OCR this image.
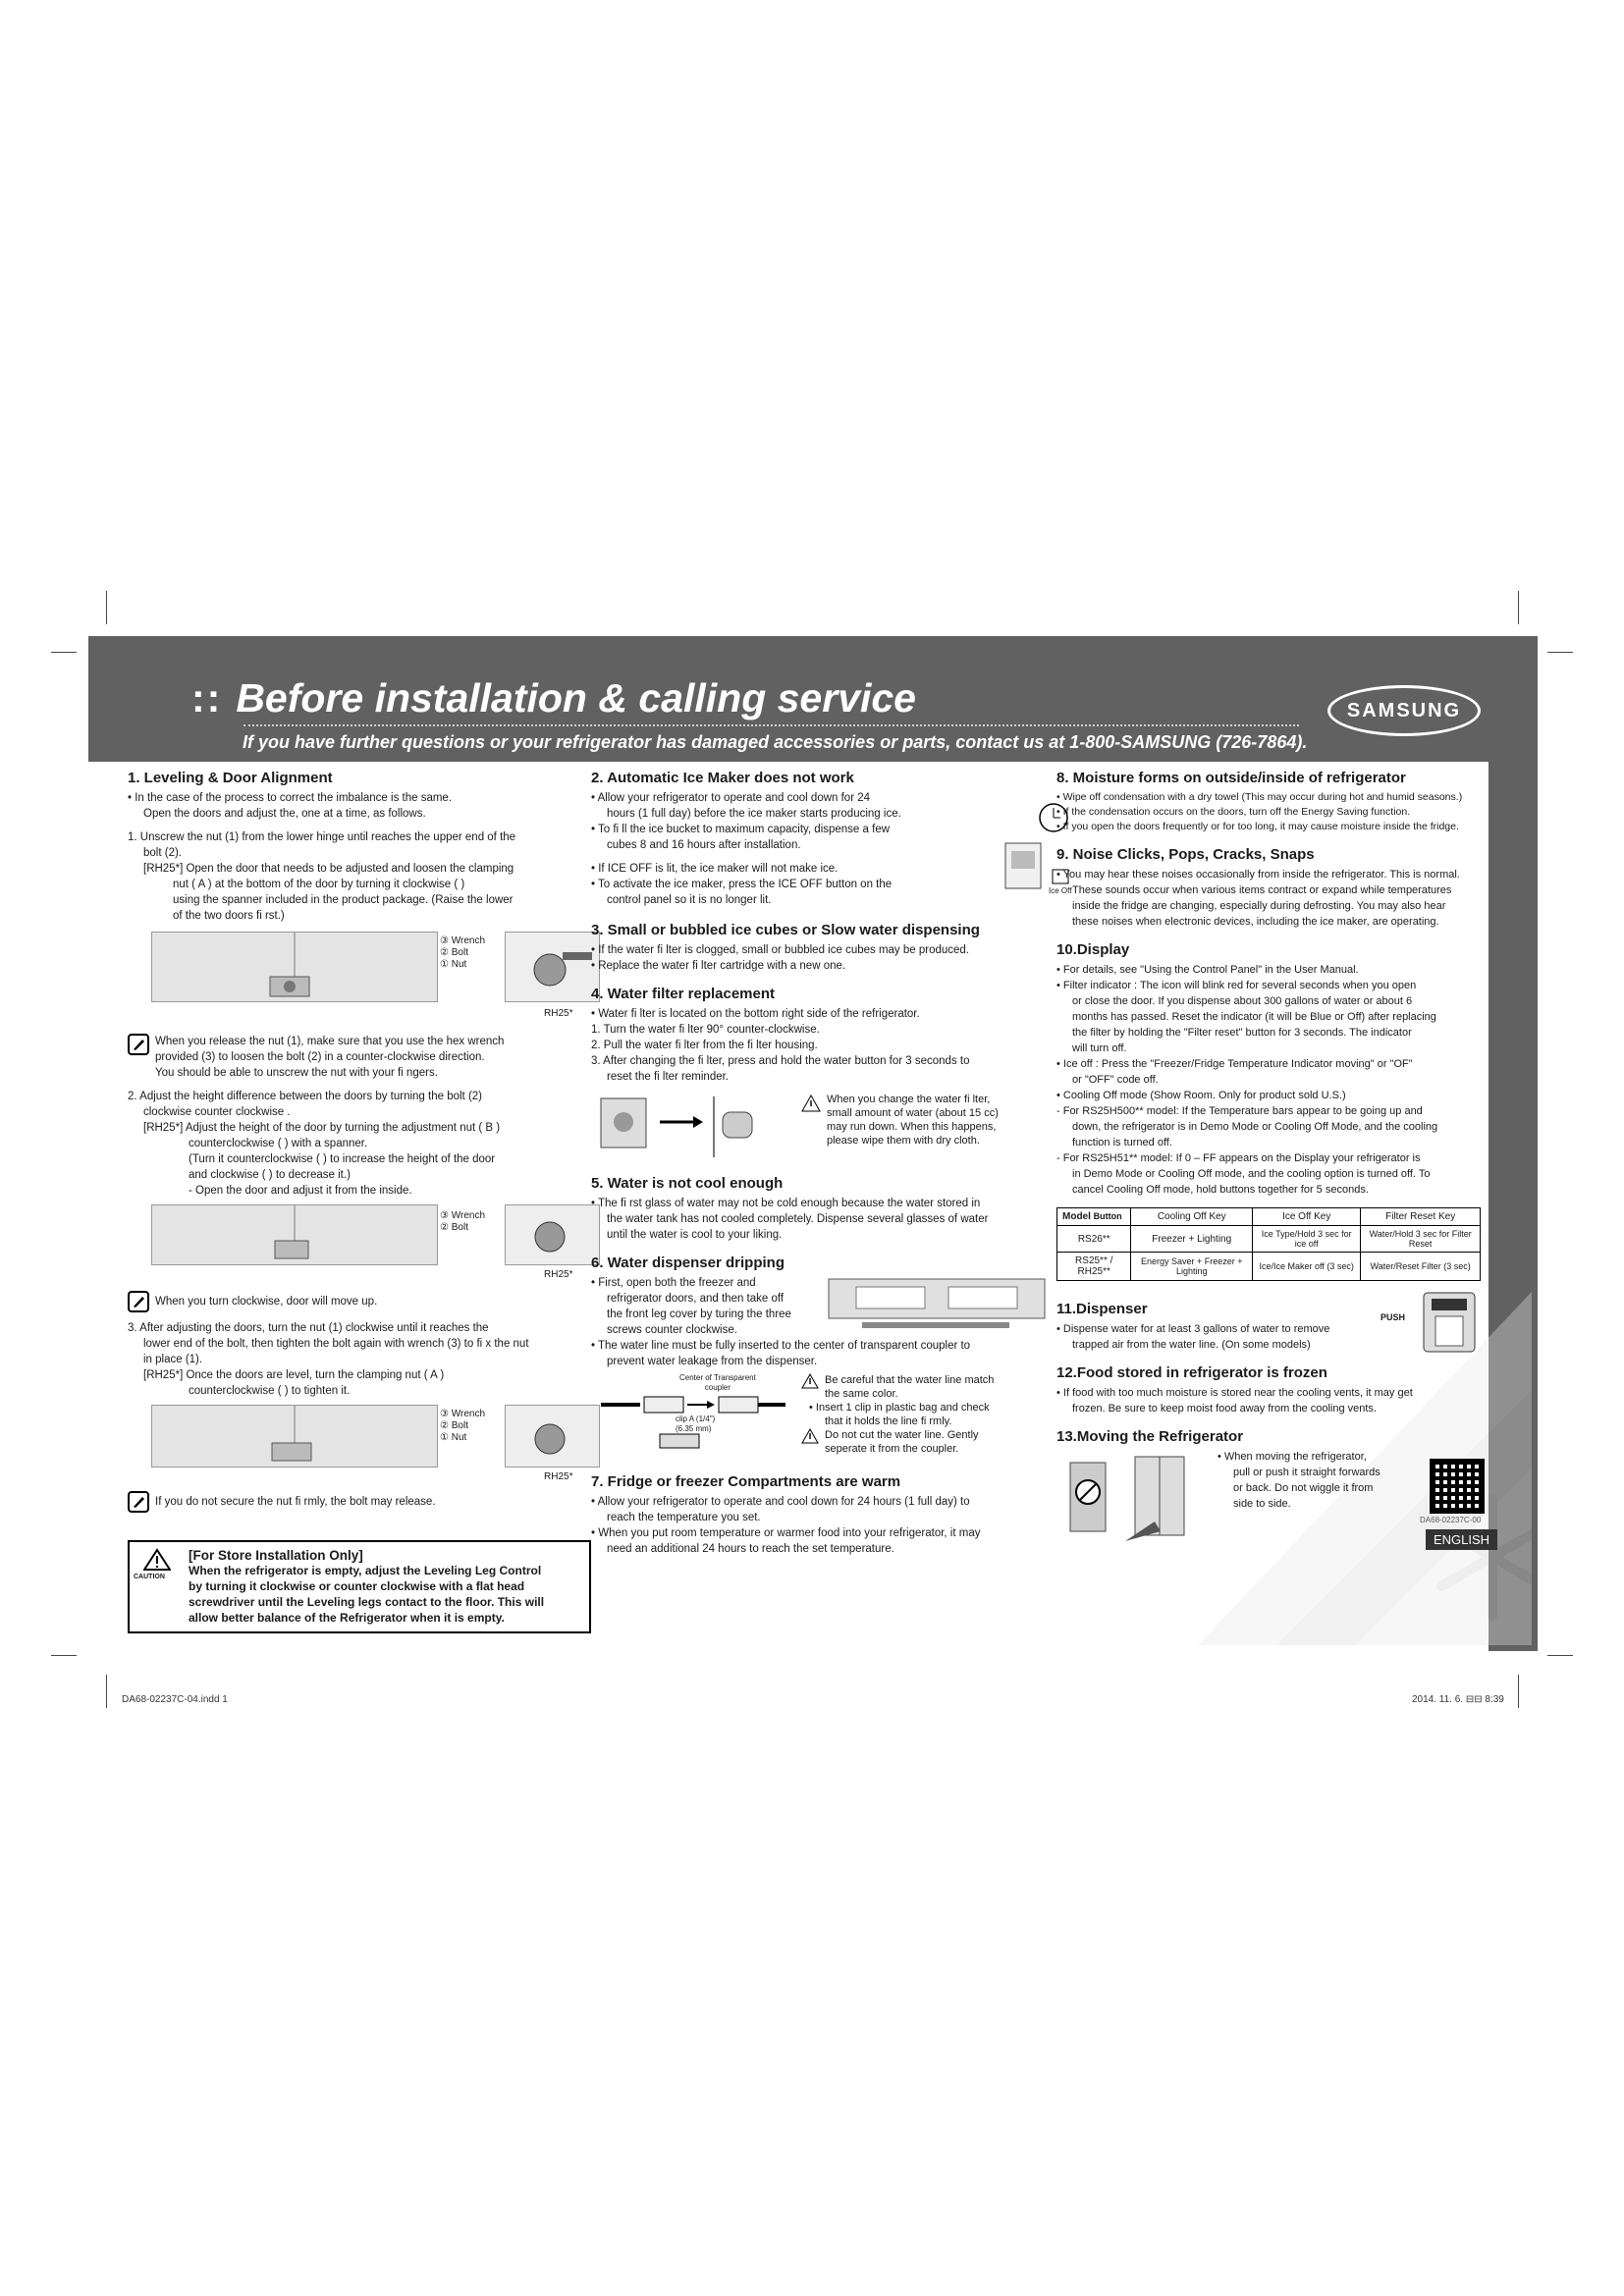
:: Before installation & calling service
If you have further questions or your refrigerator has damaged accessories or parts, contact us at 1-800-SAMSUNG (726-7864).
SAMSUNG
1. Leveling & Door Alignment

• In the case of the process to correct the imbalance is the same.

Open the doors and adjust the, one at a time, as follows.

1. Unscrew the nut (1) from the lower hinge until reaches the upper end of the

bolt (2).

[RH25*] Open the door that needs to be adjusted and loosen the clamping

nut ( A ) at the bottom of the door by turning it clockwise ( )

using the spanner included in the product package. (Raise the lower

of the two doors fi rst.)

③ Wrench
② Bolt
① Nut
RH25*

When you release the nut (1), make sure that you use the hex wrench

provided (3) to loosen the bolt (2) in a counter-clockwise direction.

You should be able to unscrew the nut with your fi ngers.

2. Adjust the height difference between the doors by turning the bolt (2)

clockwise counter clockwise .

[RH25*] Adjust the height of the door by turning the adjustment nut ( B )

counterclockwise ( ) with a spanner.

(Turn it counterclockwise ( ) to increase the height of the door

and clockwise ( ) to decrease it.)

- Open the door and adjust it from the inside.

③ Wrench
② Bolt
RH25*

When you turn clockwise, door will move up.

3. After adjusting the doors, turn the nut (1) clockwise until it reaches the

lower end of the bolt, then tighten the bolt again with wrench (3) to fi x the nut

in place (1).

[RH25*] Once the doors are level, turn the clamping nut ( A )

counterclockwise ( ) to tighten it.

③ Wrench
② Bolt
① Nut
RH25*

If you do not secure the nut fi rmly, the bolt may release.

CAUTION
[For Store Installation Only]
When the refrigerator is empty, adjust the Leveling Leg Control
by turning it clockwise or counter clockwise with a flat head
screwdriver until the Leveling legs contact to the floor. This will
allow better balance of the Refrigerator when it is empty.
2. Automatic Ice Maker does not work

• Allow your refrigerator to operate and cool down for 24

hours (1 full day) before the ice maker starts producing ice.

• To fi ll the ice bucket to maximum capacity, dispense a few

cubes 8 and 16 hours after installation.

• If ICE OFF is lit, the ice maker will not make ice.

• To activate the ice maker, press the ICE OFF button on the

control panel so it is no longer lit.

Ice Off
3. Small or bubbled ice cubes or Slow water dispensing

• If the water fi lter is clogged, small or bubbled ice cubes may be produced.

• Replace the water fi lter cartridge with a new one.

4. Water filter replacement

• Water fi lter is located on the bottom right side of the refrigerator.

1. Turn the water fi lter 90° counter-clockwise.

2. Pull the water fi lter from the fi lter housing.

3. After changing the fi lter, press and hold the water button for 3 seconds to

reset the fi lter reminder.

When you change the water fi lter,

small amount of water (about 15 cc)

may run down. When this happens,

please wipe them with dry cloth.

5. Water is not cool enough

• The fi rst glass of water may not be cold enough because the water stored in

the water tank has not cooled completely. Dispense several glasses of water

until the water is cool to your liking.

6. Water dispenser dripping

• First, open both the freezer and

refrigerator doors, and then take off

the front leg cover by turing the three

screws counter clockwise.

• The water line must be fully inserted to the center of transparent coupler to

prevent water leakage from the dispenser.

Center of Transparent
coupler
clip A (1/4")
(6.35 mm)

Be careful that the water line match

the same color.

• Insert 1 clip in plastic bag and check

that it holds the line fi rmly.

Do not cut the water line. Gently

seperate it from the coupler.

7. Fridge or freezer Compartments are warm

• Allow your refrigerator to operate and cool down for 24 hours (1 full day) to

reach the temperature you set.

• When you put room temperature or warmer food into your refrigerator, it may

need an additional 24 hours to reach the set temperature.

8. Moisture forms on outside/inside of refrigerator

• Wipe off condensation with a dry towel (This may occur during hot and humid seasons.)

• If the condensation occurs on the doors, turn off the Energy Saving function.

• If you open the doors frequently or for too long, it may cause moisture inside the fridge.

9. Noise Clicks, Pops, Cracks, Snaps

• You may hear these noises occasionally from inside the refrigerator. This is normal.

These sounds occur when various items contract or expand while temperatures

inside the fridge are changing, especially during defrosting. You may also hear

these noises when electronic devices, including the ice maker, are operating.

10.Display

• For details, see "Using the Control Panel" in the User Manual.

• Filter indicator : The icon will blink red for several seconds when you open

or close the door. If you dispense about 300 gallons of water or about 6

months has passed. Reset the indicator (it will be Blue or Off) after replacing

the filter by holding the "Filter reset" button for 3 seconds. The indicator

will turn off.

• Ice off : Press the "Freezer/Fridge Temperature Indicator moving" or "OF"

or "OFF" code off.

• Cooling Off mode (Show Room. Only for product sold U.S.)

- For RS25H500** model: If the Temperature bars appear to be going up and

down, the refrigerator is in Demo Mode or Cooling Off Mode, and the cooling

function is turned off.

- For RS25H51** model: If 0 – FF appears on the Display your refrigerator is

in Demo Mode or Cooling Off mode, and the cooling option is turned off. To

cancel Cooling Off mode, hold buttons together for 5 seconds.

Model Button	Cooling Off Key	Ice Off Key	Filter Reset Key
RS26**	Freezer + Lighting	Ice Type/Hold 3 sec for ice off	Water/Hold 3 sec for Filter Reset
RS25** / RH25**	Energy Saver + Freezer + Lighting	Ice/Ice Maker off (3 sec)	Water/Reset Filter (3 sec)
11.Dispenser

• Dispense water for at least 3 gallons of water to remove

trapped air from the water line. (On some models)

PUSH
12.Food stored in refrigerator is frozen

• If food with too much moisture is stored near the cooling vents, it may get

frozen. Be sure to keep moist food away from the cooling vents.

13.Moving the Refrigerator

• When moving the refrigerator,

pull or push it straight forwards

or back. Do not wiggle it from

side to side.

DA68-02237C-00
ENGLISH
DA68-02237C-04.indd 1	2014. 11. 6. ⊟⊟ 8:39
